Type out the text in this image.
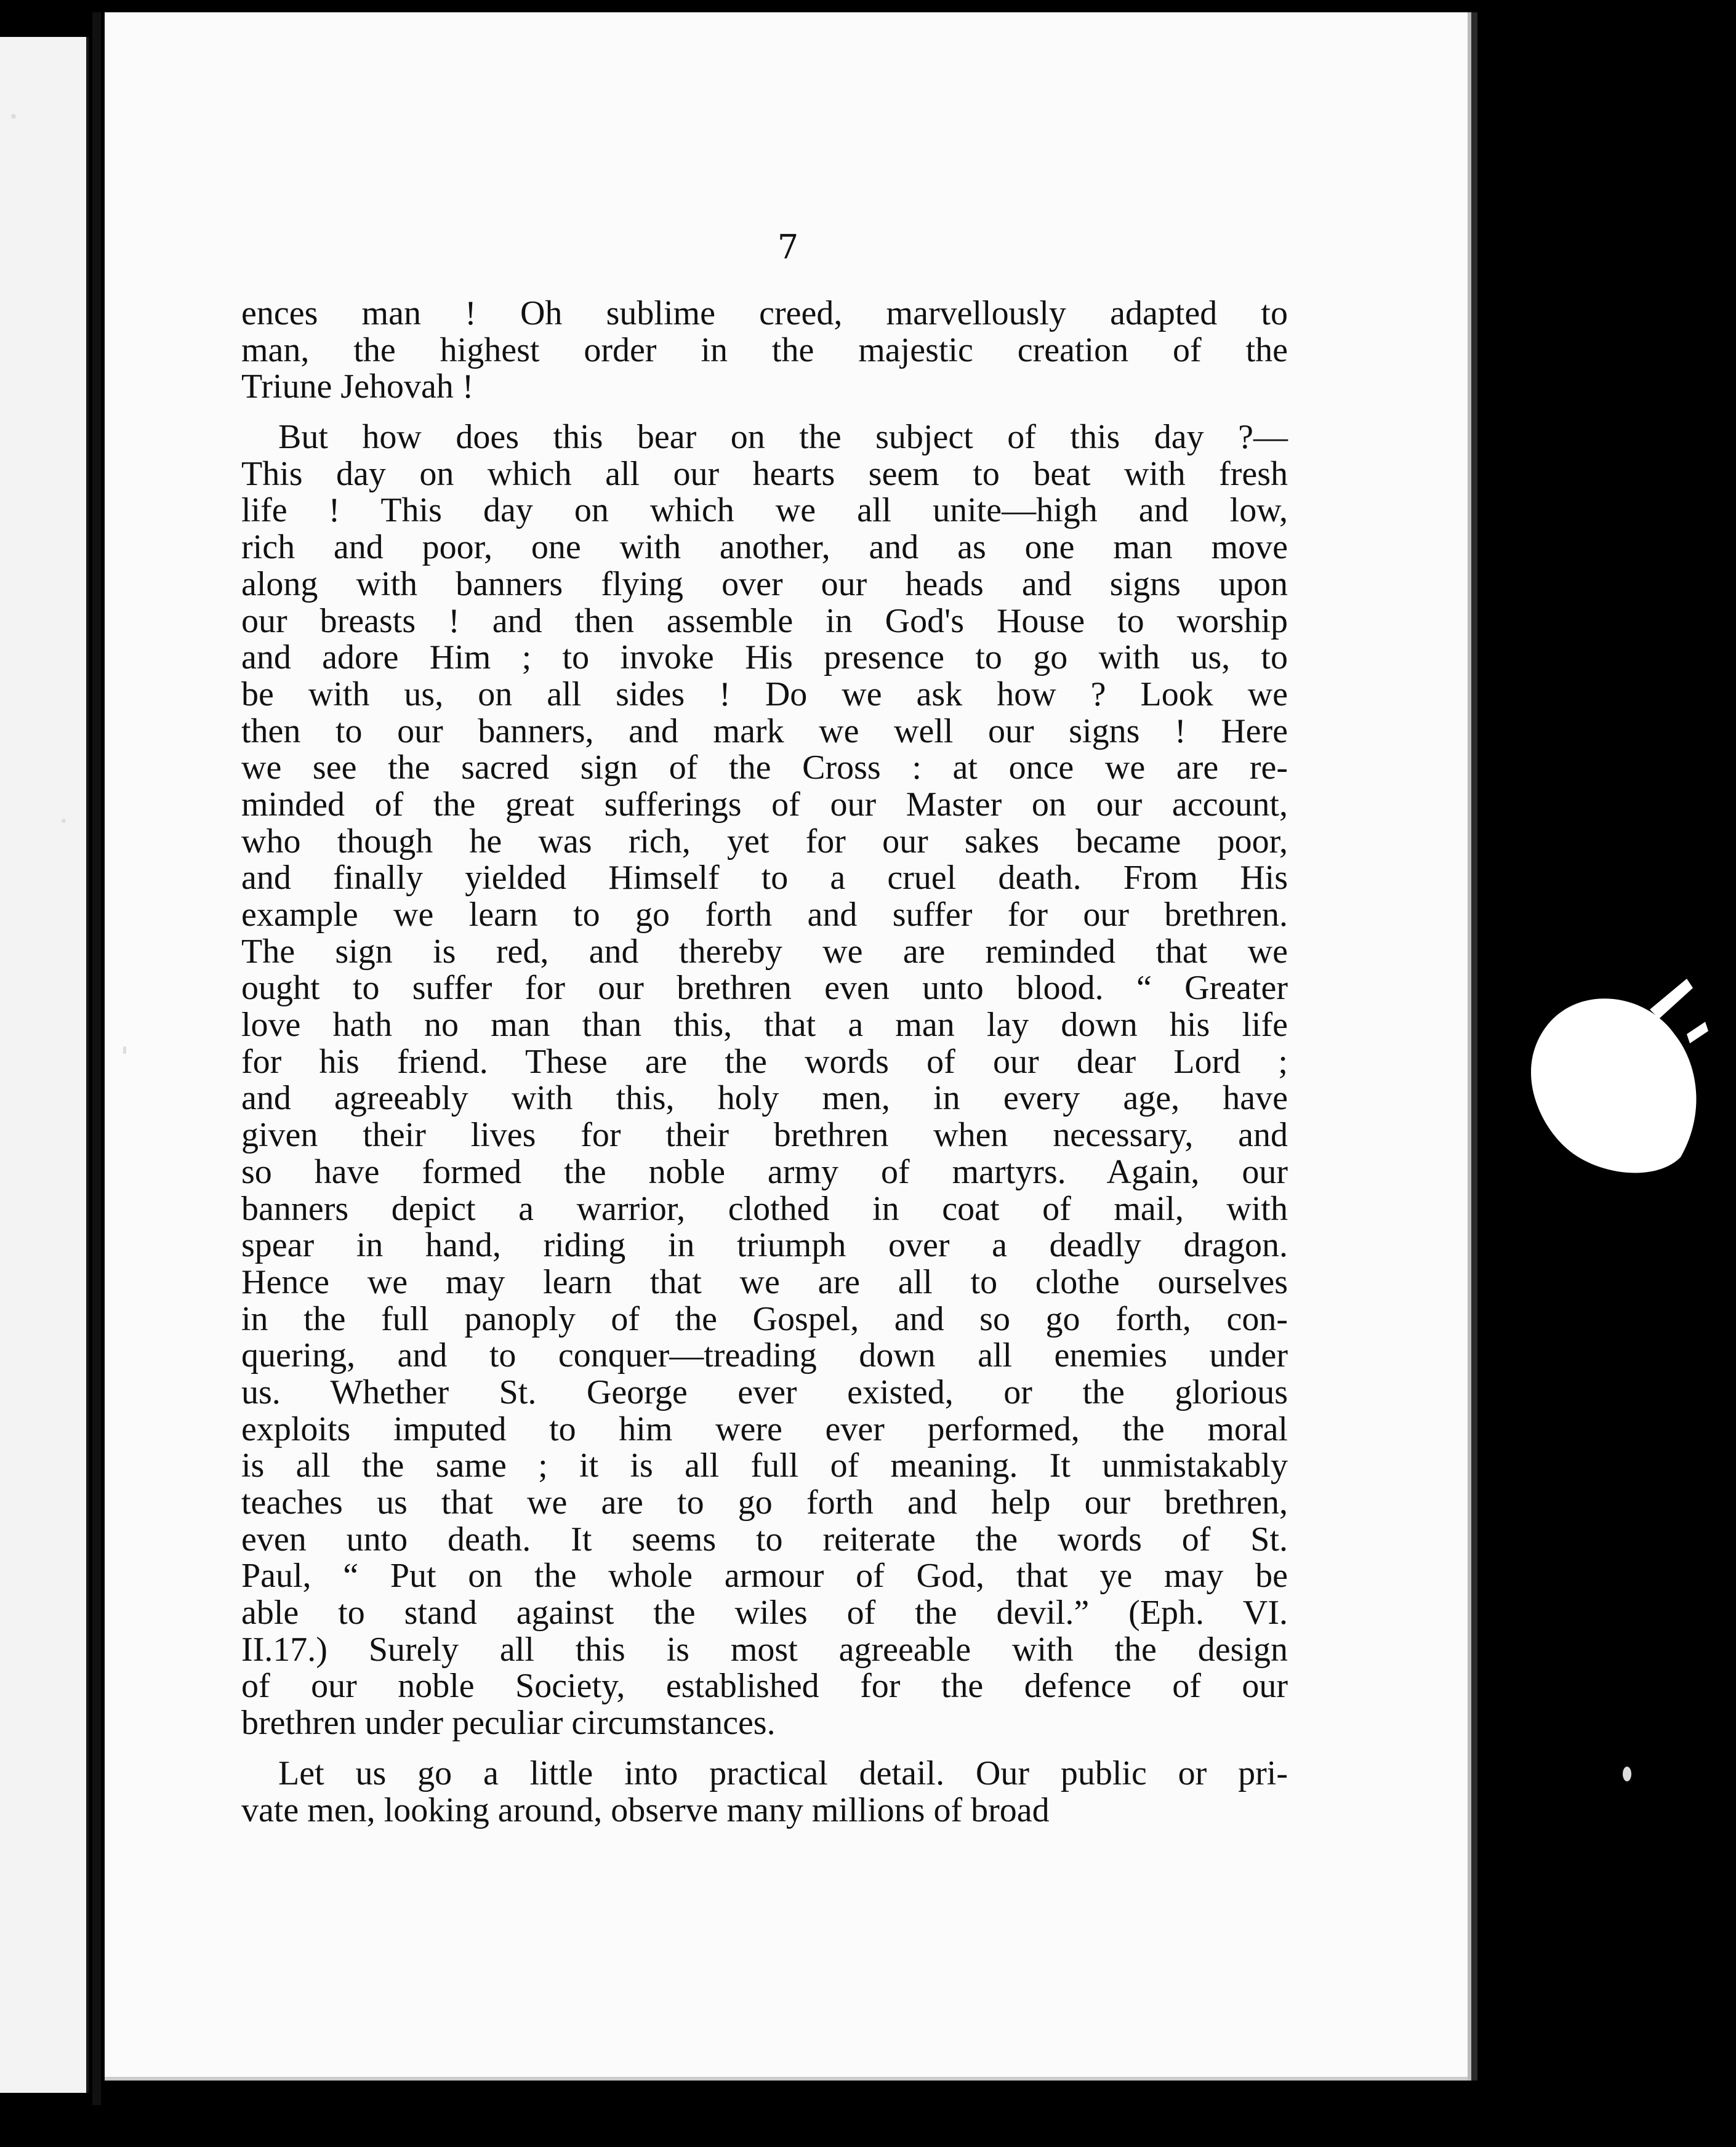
7
ences man ! Oh sublime creed, marvellously adapted to
man, the highest order in the majestic creation of the
Triune Jehovah !
But how does this bear on the subject of this day ?—
This day on which all our hearts seem to beat with fresh
life ! This day on which we all unite—high and low,
rich and poor, one with another, and as one man move
along with banners flying over our heads and signs upon
our breasts ! and then assemble in God's House to worship
and adore Him ; to invoke His presence to go with us, to
be with us, on all sides ! Do we ask how ? Look we
then to our banners, and mark we well our signs ! Here
we see the sacred sign of the Cross : at once we are re-
minded of the great sufferings of our Master on our account,
who though he was rich, yet for our sakes became poor,
and finally yielded Himself to a cruel death. From His
example we learn to go forth and suffer for our brethren.
The sign is red, and thereby we are reminded that we
ought to suffer for our brethren even unto blood. “ Greater
love hath no man than this, that a man lay down his life
for his friend. These are the words of our dear Lord ;
and agreeably with this, holy men, in every age, have
given their lives for their brethren when necessary, and
so have formed the noble army of martyrs. Again, our
banners depict a warrior, clothed in coat of mail, with
spear in hand, riding in triumph over a deadly dragon.
Hence we may learn that we are all to clothe ourselves
in the full panoply of the Gospel, and so go forth, con-
quering, and to conquer—treading down all enemies under
us. Whether St. George ever existed, or the glorious
exploits imputed to him were ever performed, the moral
is all the same ; it is all full of meaning. It unmistakably
teaches us that we are to go forth and help our brethren,
even unto death. It seems to reiterate the words of St.
Paul, “ Put on the whole armour of God, that ye may be
able to stand against the wiles of the devil.” (Eph. VI.
II.17.) Surely all this is most agreeable with the design
of our noble Society, established for the defence of our
brethren under peculiar circumstances.
Let us go a little into practical detail. Our public or pri-
vate men, looking around, observe many millions of broad
